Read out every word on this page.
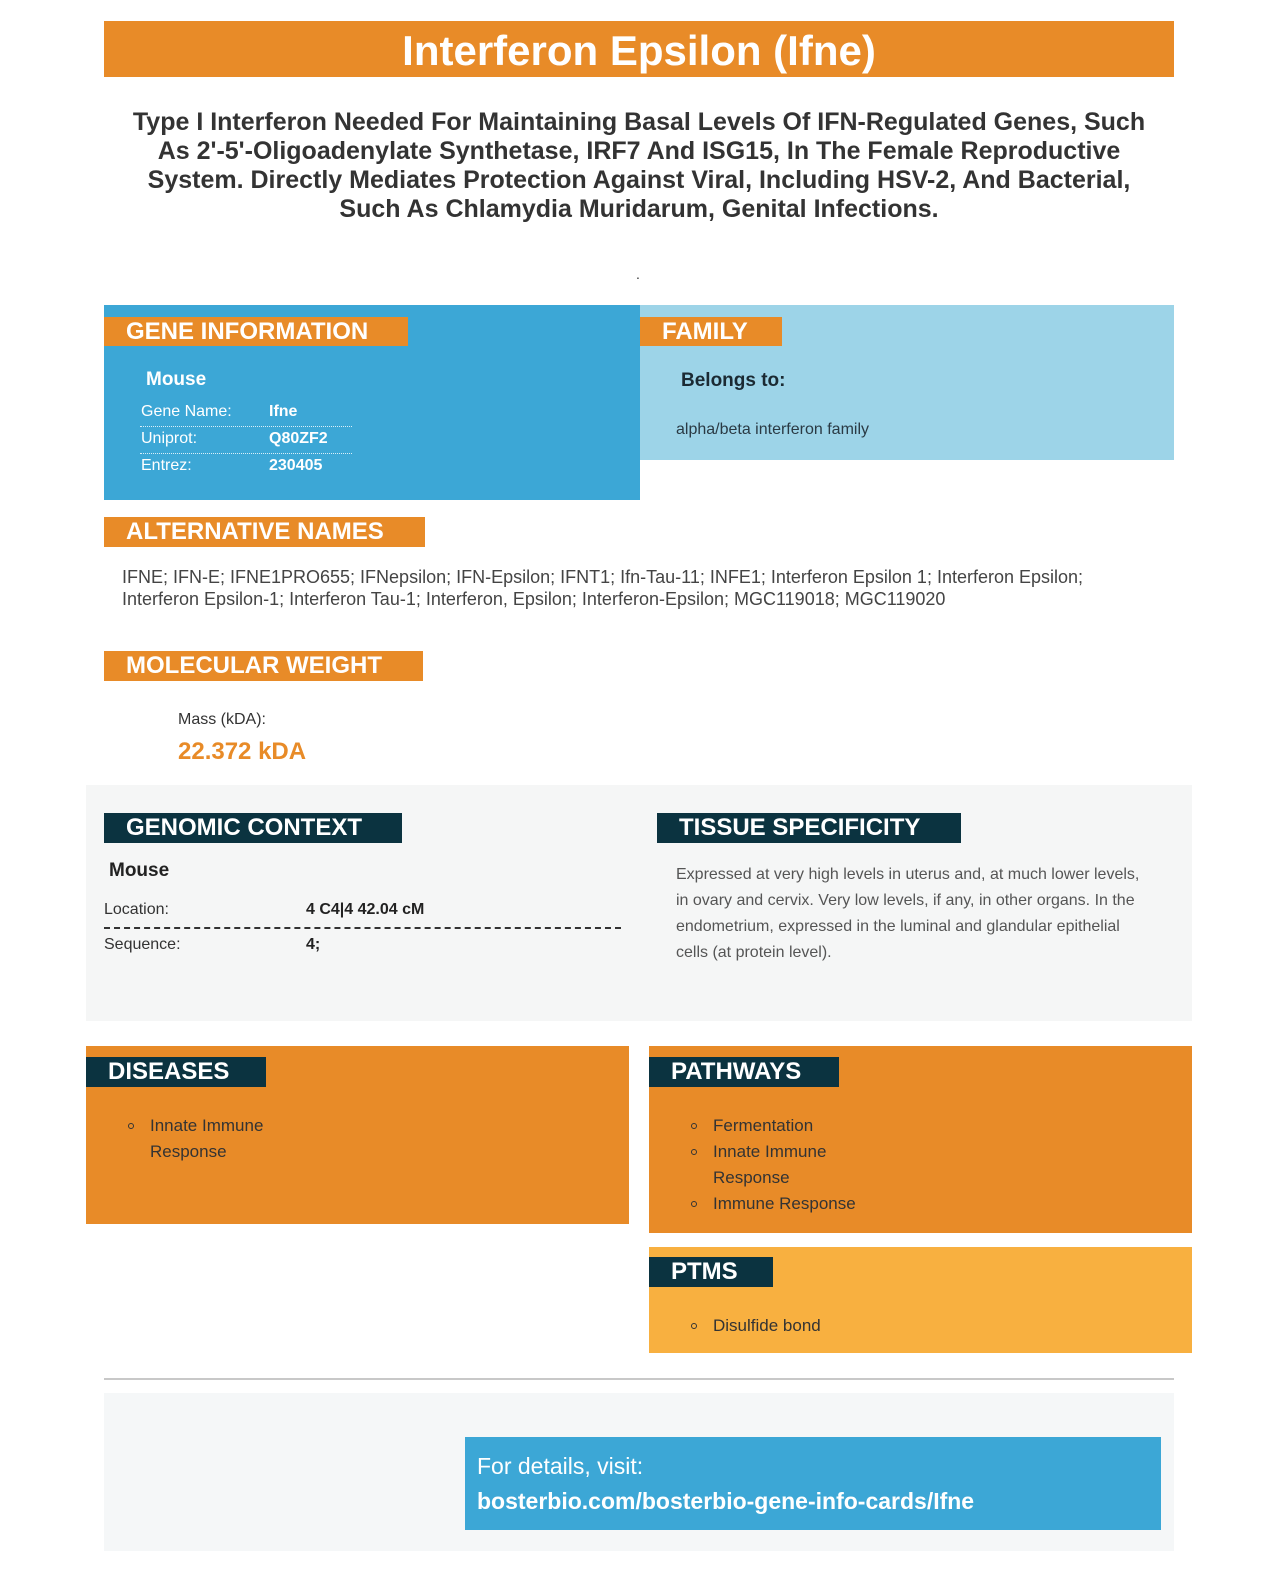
Interferon Epsilon (Ifne)
Type I Interferon Needed For Maintaining Basal Levels Of IFN-Regulated Genes, Such As 2'-5'-Oligoadenylate Synthetase, IRF7 And ISG15, In The Female Reproductive System. Directly Mediates Protection Against Viral, Including HSV-2, And Bacterial, Such As Chlamydia Muridarum, Genital Infections.
.
GENE INFORMATION
Mouse
Gene Name: Ifne
Uniprot:	Q80ZF2
Entrez:	230405
FAMILY
Belongs to:
alpha/beta interferon family
ALTERNATIVE NAMES
IFNE; IFN-E; IFNE1PRO655; IFNepsilon; IFN-Epsilon; IFNT1; Ifn-Tau-11; INFE1; Interferon Epsilon 1; Interferon Epsilon; Interferon Epsilon-1; Interferon Tau-1; Interferon, Epsilon; Interferon-Epsilon; MGC119018; MGC119020
MOLECULAR WEIGHT
Mass (kDA):
22.372 kDA
GENOMIC CONTEXT
Mouse
Location:	4 C4|4 42.04 cM
Sequence:	4;
TISSUE SPECIFICITY
Expressed at very high levels in uterus and, at much lower levels, in ovary and cervix. Very low levels, if any, in other organs. In the endometrium, expressed in the luminal and glandular epithelial cells (at protein level).
DISEASES
Innate Immune Response
PATHWAYS
Fermentation
Innate Immune Response
Immune Response
PTMS
Disulfide bond
For details, visit:
bosterbio.com/bosterbio-gene-info-cards/Ifne
